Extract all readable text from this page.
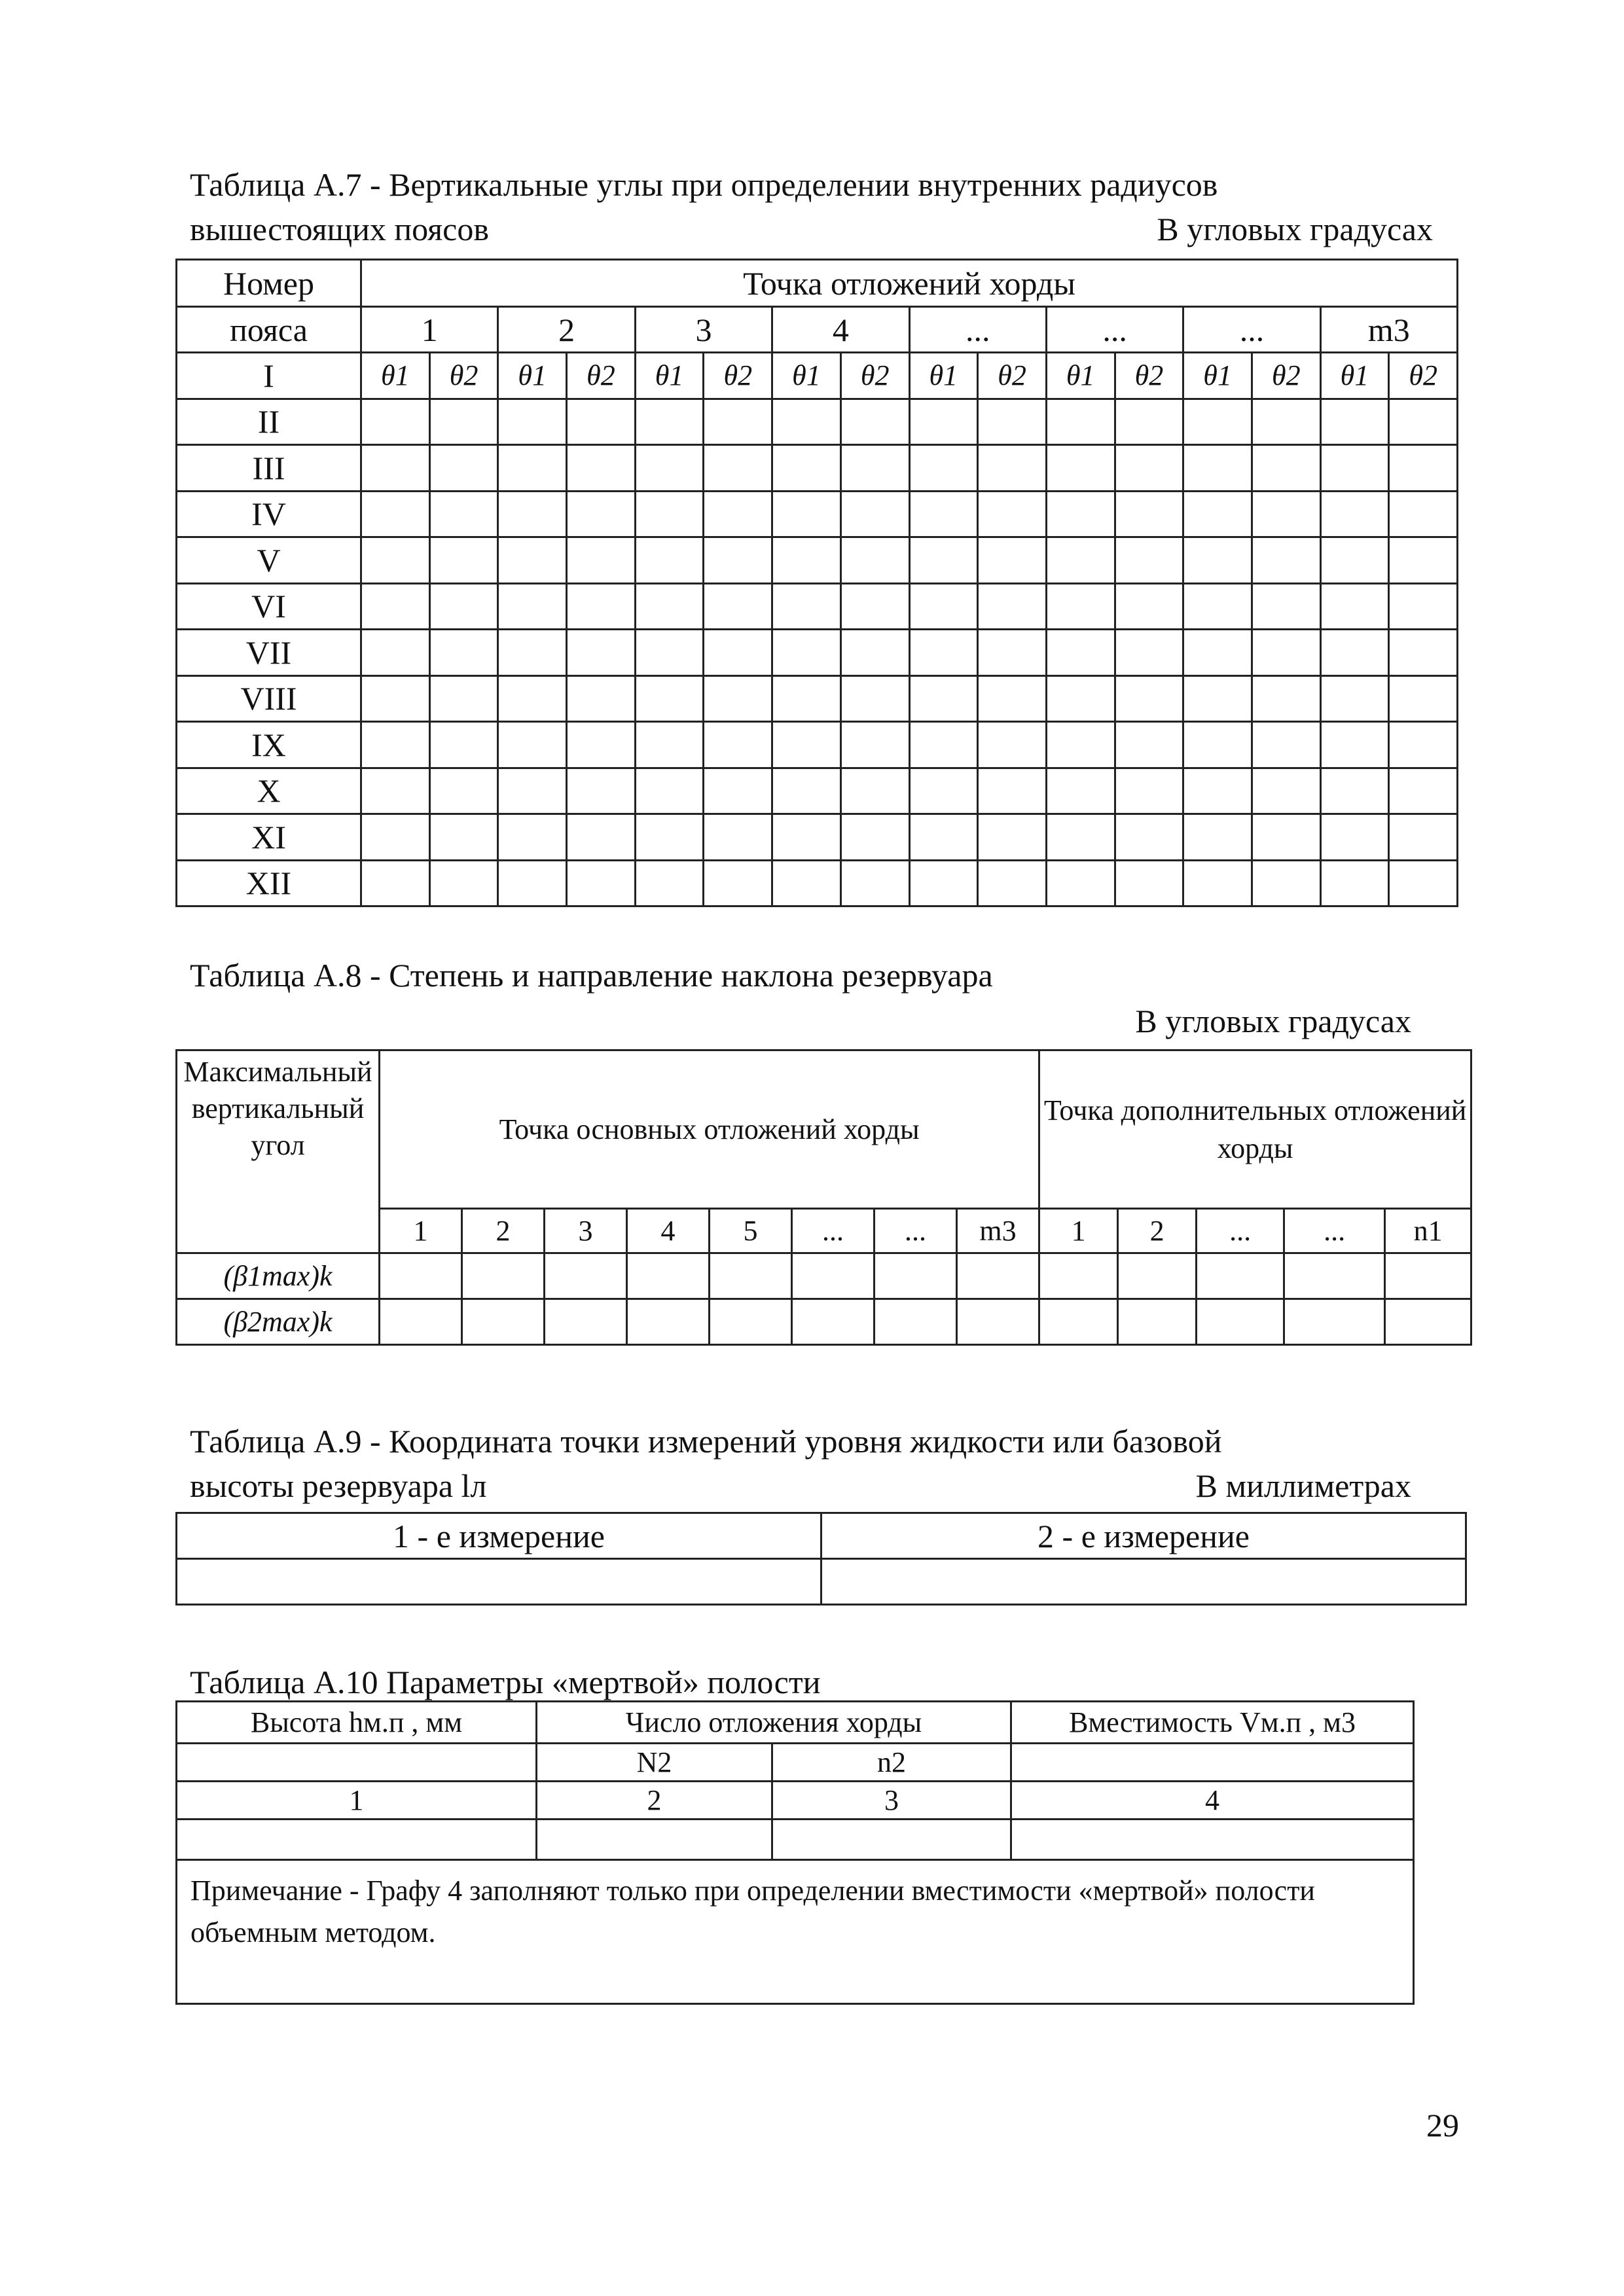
Таблица А.7 - Вертикальные углы при определении внутренних радиусов
вышестоящих поясов	В угловых градусах
Номер	Точка отложений хорды															
пояса	1		2		3		4		...		...		...		m3	
I	θ1	θ2	θ1	θ2	θ1	θ2	θ1	θ2	θ1	θ2	θ1	θ2	θ1	θ2	θ1	θ2
II																
III																
IV																
V																
VI																
VII																
VIII																
IX																
X																
XI																
XII																
Таблица А.8 - Степень и направление наклона резервуара
В угловых градусах
Максимальный вертикальный угол	Точка основных отложений хорды								Точка дополнительных отложений хорды				
	1	2	3	4	5	...	...	m3	1	2	...	...	n1
(β1max)k													
(β2max)k													
Таблица А.9 - Координата точки измерений уровня жидкости или базовой
высоты резервуара lл	В миллиметрах
1 - е измерение	2 - е измерение

Таблица А.10 Параметры «мертвой» полости
Высота hм.п , мм	Число отложения хорды		Вместимость Vм.п , м3
	N2	n2	
1	2	3	4

Примечание - Графу 4 заполняют только при определении вместимости «мертвой» полости объемным методом.			
29
